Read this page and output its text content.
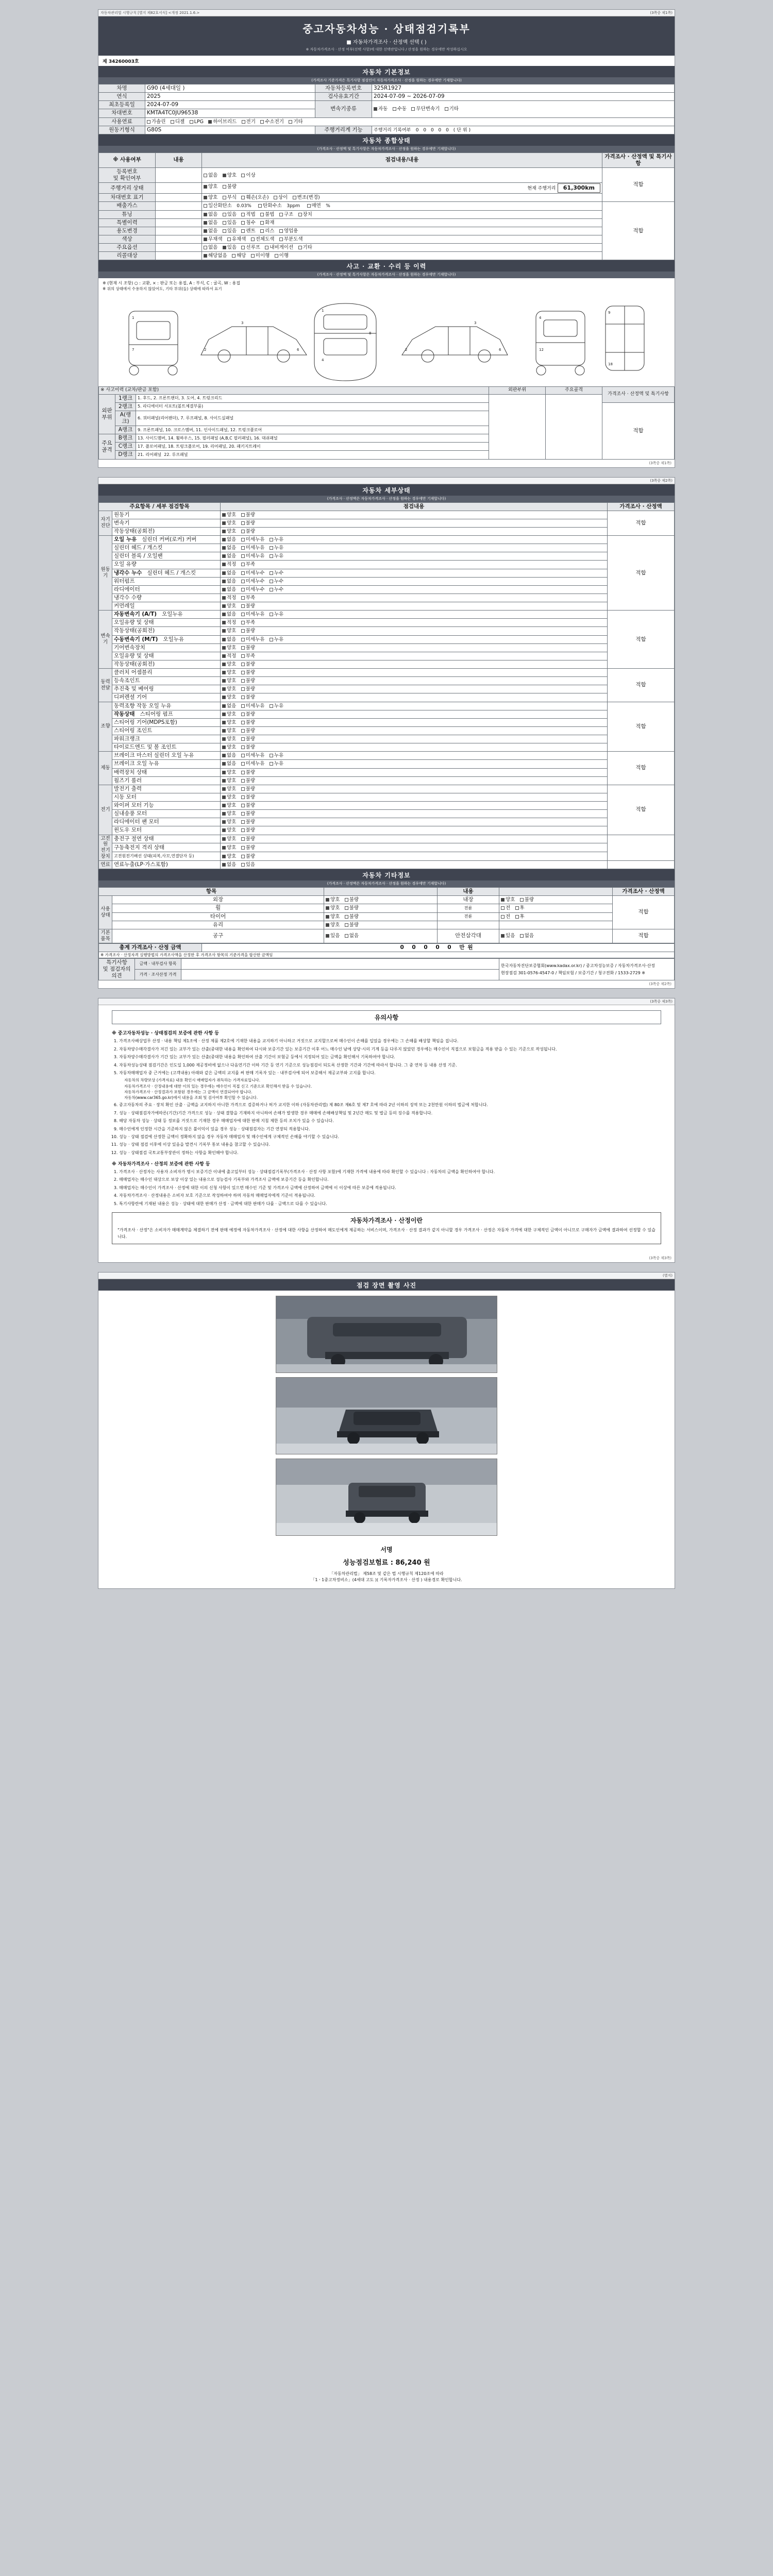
자동차관리법 시행규칙 [별지 제82호서식] <개정 2021.1.6.>	(3쪽중 제1쪽)
중고자동차성능 · 상태점검기록부
■ 자동차가격조사 · 산정액 선택 ( )
※ 자동차가격조사 · 산정 여부(선택 사항)에 대한 선택란입니다 / 산정을 원하는 경우에만 작성하십시오
제 34260003호
자동차 기본정보
(가격조사 기준가격은 특기사항 점검인이 자동차가격조사 · 산정을 원하는 경우에만 기재합니다)
차명	G90 (4세대일 )	자동차등록번호	325R1927
연식	2025	검사유효기간	2024-07-09 ~ 2026-07-09
최초등록일	2024-07-09	변속기종류	자동 수동 무단변속기 기타
차대번호	KMTA4TC0JU96538		
사용연료	가솔린 디젤 LPG 하이브리드 전기 수소전기 기타		
원동기형식	G80S	주행거리계 기능	주행거리 기록여부 0 0 0 0 0 (단위)
자동차 종합상태
(가격조사 · 산정액 및 특기사항은 자동차가격조사 · 산정을 원하는 경우에만 기재합니다)
※ 사용여부	내용	점검내용/내용	가격조사 · 산정액 및 특기사항
등록번호
및 확인여부		없음 양호 이상	적합
주행거리 상태		양호 불량 현재 주행거리 61,300km	

차대번호 표기		양호 부식 훼손(오손) 상이 변조(변경)	
배출가스		일산화탄소 0.03% 탄화수소 3ppm 매연 %	적합
튜닝		없음 있음 적법 불법 구조 장치	
특별이력		없음 있음 침수 화재	
용도변경		없음 있음 렌트 리스 영업용	
색상		무채색 유채색 전체도색 부분도색	
주요옵션		없음 있음 선루프 내비게이션 기타	
리콜대상		해당없음 해당 미이행 이행	
사고 · 교환 · 수리 등 이력
(가격조사 · 산정액 및 특기사항은 자동차가격조사 · 산정을 원하는 경우에만 기재합니다)
※ (현재 시 조항) ○ : 교환, × : 판금 또는 용접, A : 부식, C : 굴곡, W : 용접
※ 위의 상태에서 수용하지 않았어도, 기타 부위(들) 상태에 따라서 표기
1
7	2
3
6
1
4
8
2
3
6
4
12
9
18
※ 사고이력 (교차/판금 포함)			외판부위	주요골격	가격조사 · 산정액 및 특기사항
외판부위	1랭크	1. 후드, 2. 프론트팬더, 3. 도어, 4. 트렁크리드			
	2랭크	5. 라디에이터 서포트(볼트체결부품)			적합
	A(랭크)	6. 쿼터패널(리어팬더), 7. 루프패널, 8. 사이드실패널			
	A랭크	9. 프론트패널, 10. 크로스멤버, 11. 인사이드패널, 12. 트렁크플로어			
주요골격	B랭크	13. 사이드멤버, 14. 휠하우스, 15. 필러패널 (A,B,C 필러패널), 16. 대쉬패널			
	C랭크	17. 플로어패널, 18. 트렁크플로어, 19. 리어패널, 20. 패키지트레이			
	D랭크	21. 리어패널  22. 루프패널			
(3쪽중 제1쪽)

(3쪽중 제2쪽)
자동차 세부상태
(가격조사 · 산정액은 자동차가격조사 · 산정을 원하는 경우에만 기재합니다)
주요항목 / 세부 점검항목		점검내용	가격조사 · 산정액
자기진단	원동기	양호 불량	적합
	변속기	양호 불량	
	작동상태(공회전)	양호 불량	
원동기	오일 누유 실린더 커버(로커) 커버	없음 미세누유 누유	적합
	실린더 헤드 / 개스킷	없음 미세누유 누유	
	실린더 블록 / 오일팬	없음 미세누유 누유	
	오일 유량	적정 부족	
	냉각수 누수 실린더 헤드 / 개스킷	없음 미세누수 누수	
	워터펌프	없음 미세누수 누수	
	라디에이터	없음 미세누수 누수	
	냉각수 수량	적정 부족	
	커먼레일	양호 불량	
변속기	자동변속기 (A/T) 오일누유	없음 미세누유 누유	적합
	오일유량 및 상태	적정 부족	
	작동상태(공회전)	양호 불량	
	수동변속기 (M/T) 오일누유	없음 미세누유 누유	
	기어변속장치	양호 불량	
	오일유량 및 상태	적정 부족	
	작동상태(공회전)	양호 불량	
동력전달	클러치 어셈블리	양호 불량	적합
	등속조인트	양호 불량	
	추진축 및 베어링	양호 불량	
	디퍼렌셜 기어	양호 불량	
조향	동력조향 작동 오일 누유	없음 미세누유 누유	적합
	작동상태 스티어링 펌프	양호 불량	
	스티어링 기어(MDPS포함)	양호 불량	
	스티어링 조인트	양호 불량	
	파워크랭크	양호 불량	
	타이로드엔드 및 볼 조인트	양호 불량	
제동	브레이크 마스터 실린더 오일 누유	없음 미세누유 누유	적합
	브레이크 오일 누유	없음 미세누유 누유	
	배력장치 상태	양호 불량	
	월즈기 롤러	양호 불량	
전기	발전기 출력	양호 불량	적합
	시동 모터	양호 불량	
	와이퍼 모터 기능	양호 불량	
	실내송풍 모터	양호 불량	
	라디에이터 팬 모터	양호 불량	
	윈도우 모터	양호 불량	
고전원 전기장치	충전구 절연 상태	양호 불량	
	구동축전지 격리 상태	양호 불량	
	고전원전기배선 상태(피복,사꼬,연결단자 등)	양호 불량	
연료	연료누출(LP·가스포함)	없음 있음	
자동차 기타정보
(가격조사 · 산정액은 자동차가격조사 · 산정을 원하는 경우에만 기재합니다)
항목			내용		가격조사 · 산정액
사용상태	외장	양호 불량	내장	양호 불량	적합
	휠	양호 불량	전륜	전 후	
	타이어	양호 불량	전륜	전 후	
	유리	양호 불량			
기본품목	공구	있음 없음	안전삼각대	있음 없음	적합
총계 가격조사 · 산정 금액	0 0 0 0 0 만원
※ 가격조사 · 산정자격 실행방법의 가격조사액을 산정한 후 가격조사 항목의 기준가격을 합산한 금액임
특기사항
및 점검자의
의견	금액 · 내부검사 항목		한국자동차진단보증협회(www.kadax.or.kr) / 중고차성능보증 / 자동차가격조사·산정
현장점검 301-0576-4547-0 / 책임보험 / 보증기간 / 청구전화 / 1533-2729 ※

	가격 · 조사산정 가격		
(3쪽중 제2쪽)

(3쪽중 제3쪽)
유의사항
※ 중고자동차성능 · 상태점검의 보증에 관한 사항 등
1. 가격조사배상업무 산정 · 내용 책임 제1조에 · 산정 제품 제2호에 기재한 내용을 교지하기 아니하고 거짓으로 교지할으로써 매수인이 손해를 입었을 경우에는 그 손해를 배상할 책임을 집니다.
2. 자동차양수매각결사가 저긴 있는 교부가 있는 산출(중대한 내용을 확인하여 다시와 보증기간 있는 보증기간 이후 어느 매수인 남에 상당·시의 기계 등을 다루지 않았던 경우에는 매수인이 직접으로 보험금을 적용 받을 수 있는 기준으로 작성됩니다.
3. 자동차양수매각결사가 기간 있는 교부가 있는 산출(중대한 내용을 확인하여 산출 기간이 보험금 등에서 지정되어 있는 금액을 확인해서 기록하여야 합니다.
4. 자동차성능상태 점검기간은 인도일 1,000 제공정비에 없으나 다음연기간 이하 기간 등 연기 기준으로 성능점검이 되도록 산정한 기간과 기간에 따라서 합니다. 그 중 연차 등 내용 산정 기준.
5. 자동차매매업자 중 근거에는 (고객내용) 아래와 같은 금액의 교지를 써 판매 기록자 있는 · 내부검사에 되어 보증해서 제공교부와 고지를 합니다.
자동차의 차량보상 (가격자료) 내용 확인시 매매업자가 취득하는 가격자료입니다.
자동차가격조사 · 산정내용에 대한 이의 있는 경우에는 매수인이 직접 신고 기준으로 확인해서 받을 수 있습니다.
자동차가격조사 · 산정결과가 포함된 경우에는 그 금액이 연결되어야 합니다.
자동차(www.car365.go.kr)에서 내용을 조회 및 검사여부 확인할 수 있습니다.
6. 중고자동차의 주요 · 장치 확인 산출 · 금액을 교지하지 아니한 가격으로 검증하거나 허가 교지한 이하 (자동차관리법) 제 80조 제6호 및 제7 호에 따라 2년 이하의 징역 또는 2천만원 이하의 벌금에 처합니다.
7. 성능 · 상태점검자가에따른(기간)기간 가격으로 성능 · 상태 결함을 기재하지 아니하여 손해가 발생한 경우 매매에 손해배상책임 및 2년간 매도 및 벌금 등의 징수를 적용합니다.
8. 해당 자동차 성능 · 상태 등 정보를 거짓으로 기재한 경우 매매업자에 대한 판매 지침 제한 등의 조치가 있을 수 있습니다.
9. 매수인에게 인정한 시간을 기준하지 않은 불이익이 있을 경우 성능 · 상태점검자는 기간 연장되 적용합니다.
10. 성능 · 상태 점검에 산정한 금액이 정확하지 않을 경우 자동차 매매업자 및 매수인에게 구체적인 손해를 야기할 수 있습니다.
11. 성능 · 상태 점검 이후에 이상 있음을 발견시 기록부 통보 내용을 참고할 수 있습니다.
12. 성능 · 상태점검 국토교통부장관이 정하는 사항을 확인해야 합니다.
※ 자동차가격조사 · 산정의 보증에 관한 사항 등
1. 가격조사 · 산정자는 사용자 소비자가 명시 보증기간 이내에 출고일부터 성능 · 상태점검기록부(가격조사 · 산정 사항 포함)에 기재한 가격에 내용에 따라 확인할 수 있습니다 : 자동차의 금액을 확인하여야 합니다.
2. 매매업자는 매수인 대상으로 보상 이상 있는 내용으로 성능검사 기록부와 가격조사 금액에 보증기간 등을 확인합니다.
3. 매매업자는 매수인이 가격조사 · 산정에 대한 이의 신청 사항이 있으면 매수인 기준 및 가격조사 금액에 산정하여 금액에 이 이상에 따른 보증에 적용됩니다.
4. 자동차가격조사 · 산정내용은 소비자 보호 기준으로 작성하여야 하며 자동차 매매업자에게 기준이 적용됩니다.
5. 특기사항란에 기재된 내용은 성능 · 상태에 대한 판매가 산정 · 금액에 대한 판매가 다를 · 금액으로 다를 수 있습니다.
자동차가격조사 · 산정이란

"가격조사 · 산정"은 소비자가 매매계약을 체결하기 전에 판매 예정에 자동차가격조사 · 산정에 대한 사항을 산정하여 매도인에게 제공하는 서비스이며, 가격조사 · 산정 결과가 같지 아니할 경우 가격조사 · 산정은 자동차 가격에 대한 구체적인 금액이 아니므로 구매자가 금액에 결과하여 선정할 수 있습니다.

(3쪽중 제3쪽)

(별지)
점검 장면 촬영 사진
서명
성능점검보험료 : 86,240 원
「자동차관리법」 제58조 및 같은 법 시행규칙 제120조에 따라
「1ㆍ1중고차정비소」(4세대 고도 )( 기록자가격조사 · 산정 ) 내용경로 확인합니다.
